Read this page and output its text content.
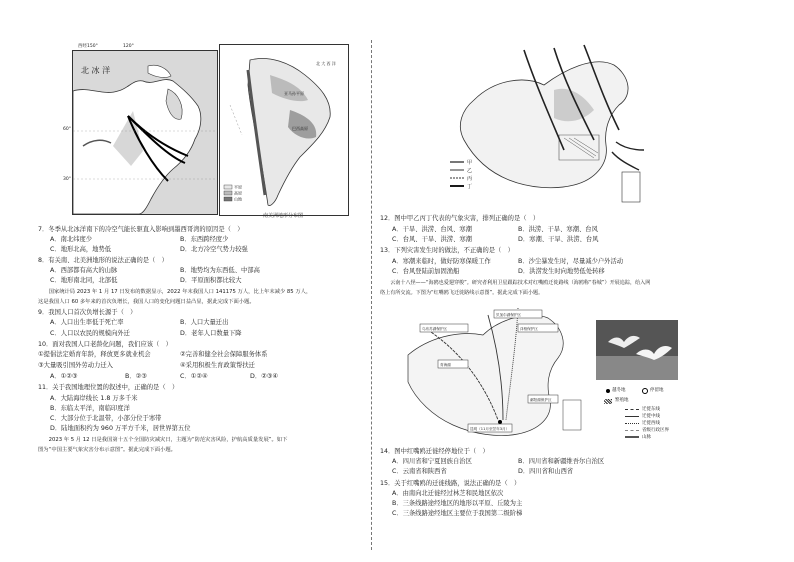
北 冰 洋
西经150°	120°
60°
30°
平原
高原
山地
亚马孙平原
巴西高原
北 大 西 洋
南美洲地形分布图
7．冬季从北冰洋南下的冷空气能长驱直入影响到墨西哥湾的原因是（　）
A．南北纬度少	B．东西跨经度少
C．地形北高，地势低	D．北方冷空气势力较强
8．有关南、北美洲地形的说法正确的是（　）
A．西部都有高大的山脉	B．地势均为东西低、中部高
C．地形南北同，北部低	D．平原面积都比较大
　　国家统计局 2023 年 1 月 17 日发布的数据显示，2022 年末我国人口 141175 万人，比上年末减少 85 万人，
这是我国人口 60 多年来的首次负增长，我国人口的变化问题日益凸显，据此完成下面小题。
9．我国人口首次负增长源于（　）
A．人口出生率低于死亡率	B．人口大量迁出
C．人口以农民的规模向外迁	D．老年人口数量下降
10．面对我国人口老龄化问题，我们应该（　）
①提倡法定婚育年龄，释放更多就业机会	②完善和健全社会保障服务体系
③大量吸引国外劳动力迁入	④采用积极生育政策帮扶迁
A．①②③	B．②③	C．①②④	D．②③④
11．关于我国地理位置的叙述中，正确的是（　）
A．大陆海岸线长 1.8 万多千米
B．东临太平洋，南临印度洋
C．大部分位于北温带，小部分位于寒带
D．陆地面积约为 960 万平方千米，居世界第五位
　　2023 年 5 月 12 日是我国第十五个全国防灾减灾日，主题为“防范灾害风险，护航高质量发展”。如下
图为“中国主要气象灾害分布示意图”。据此完成下面小题。
甲
乙
丙
丁
12．图中甲乙丙丁代表的气象灾害，排列正确的是（　）
A．干旱、洪涝、台风、寒潮	B．洪涝、干旱、寒潮、台风
C．台风、干旱、洪涝、寒潮	D．寒潮、干旱、洪涝、台风
13．下列灾害发生时的做法，不正确的是（　）
A．寒潮来临时，做好防寒保暖工作	B．沙尘暴发生时，尽量减少户外活动
C．台风登陆前加固渔船	D．洪涝发生时向地势低处转移
　　云南十八怪——“海鸥也爱翅穿梭”。研究者利用卫星跟踪技术对红嘴鸥迁徙路线（海鸥称“春城”）开展追踪，给入网
络上有所交流。下图为“红嘴鸥飞迁徙路线示意图”。据此完成下面小题。
乌布苏湖保护区
贝加尔湖保护区
泽格保护区
青海湖
鄱阳湖保护区
昆明（11月至翌年3月）
越冬地	停留地
繁殖地
迁徙东线
迁徙中线
迁徙西线
省级行政区界
山脉
14．图中红嘴鸥迁徙经停地位于（　）
A．四川省和宁夏回族自治区	B．四川省和新疆维吾尔自治区
C．云南省和陕西省	D．四川省和山西省
15．关于红嘴鸥的迁徙线路，说法正确的是（　）
A．由南向北迁徙经过林芝和民地区依次
B．三条线路途经地区的地形以平原、丘陵为主
C．三条线路途经地区主要位于我国第二级阶梯
